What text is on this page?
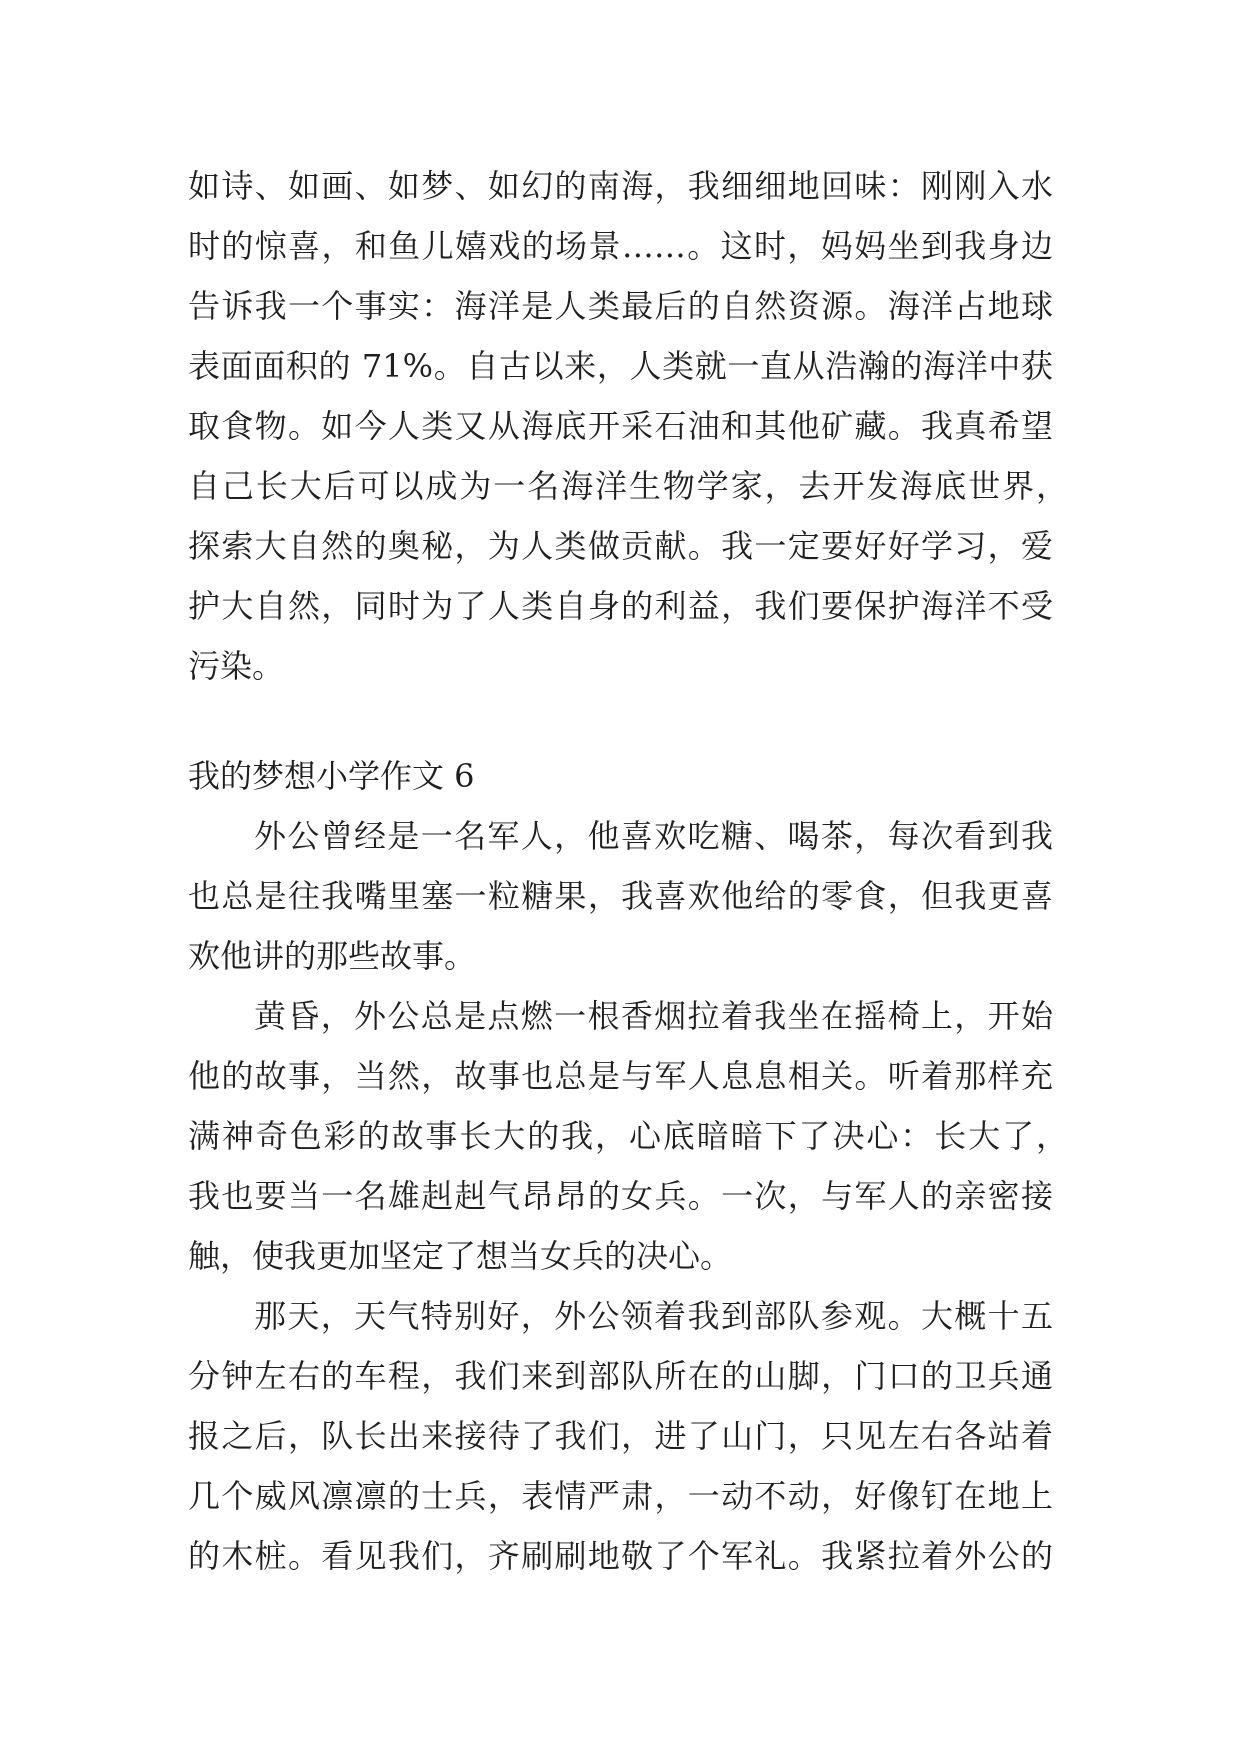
如诗、如画、如梦、如幻的南海，我细细地回味：刚刚入水
时的惊喜，和鱼儿嬉戏的场景……。这时，妈妈坐到我身边
告诉我一个事实：海洋是人类最后的自然资源。海洋占地球
表面面积的 71%。自古以来，人类就一直从浩瀚的海洋中获
取食物。如今人类又从海底开采石油和其他矿藏。我真希望
自己长大后可以成为一名海洋生物学家，去开发海底世界，
探索大自然的奥秘，为人类做贡献。我一定要好好学习，爱
护大自然，同时为了人类自身的利益，我们要保护海洋不受
污染。
我的梦想小学作文 6
外公曾经是一名军人，他喜欢吃糖、喝茶，每次看到我
也总是往我嘴里塞一粒糖果，我喜欢他给的零食，但我更喜
欢他讲的那些故事。
黄昏，外公总是点燃一根香烟拉着我坐在摇椅上，开始
他的故事，当然，故事也总是与军人息息相关。听着那样充
满神奇色彩的故事长大的我，心底暗暗下了决心：长大了，
我也要当一名雄赳赳气昂昂的女兵。一次，与军人的亲密接
触，使我更加坚定了想当女兵的决心。
那天，天气特别好，外公领着我到部队参观。大概十五
分钟左右的车程，我们来到部队所在的山脚，门口的卫兵通
报之后，队长出来接待了我们，进了山门，只见左右各站着
几个威风凛凛的士兵，表情严肃，一动不动，好像钉在地上
的木桩。看见我们，齐刷刷地敬了个军礼。我紧拉着外公的
